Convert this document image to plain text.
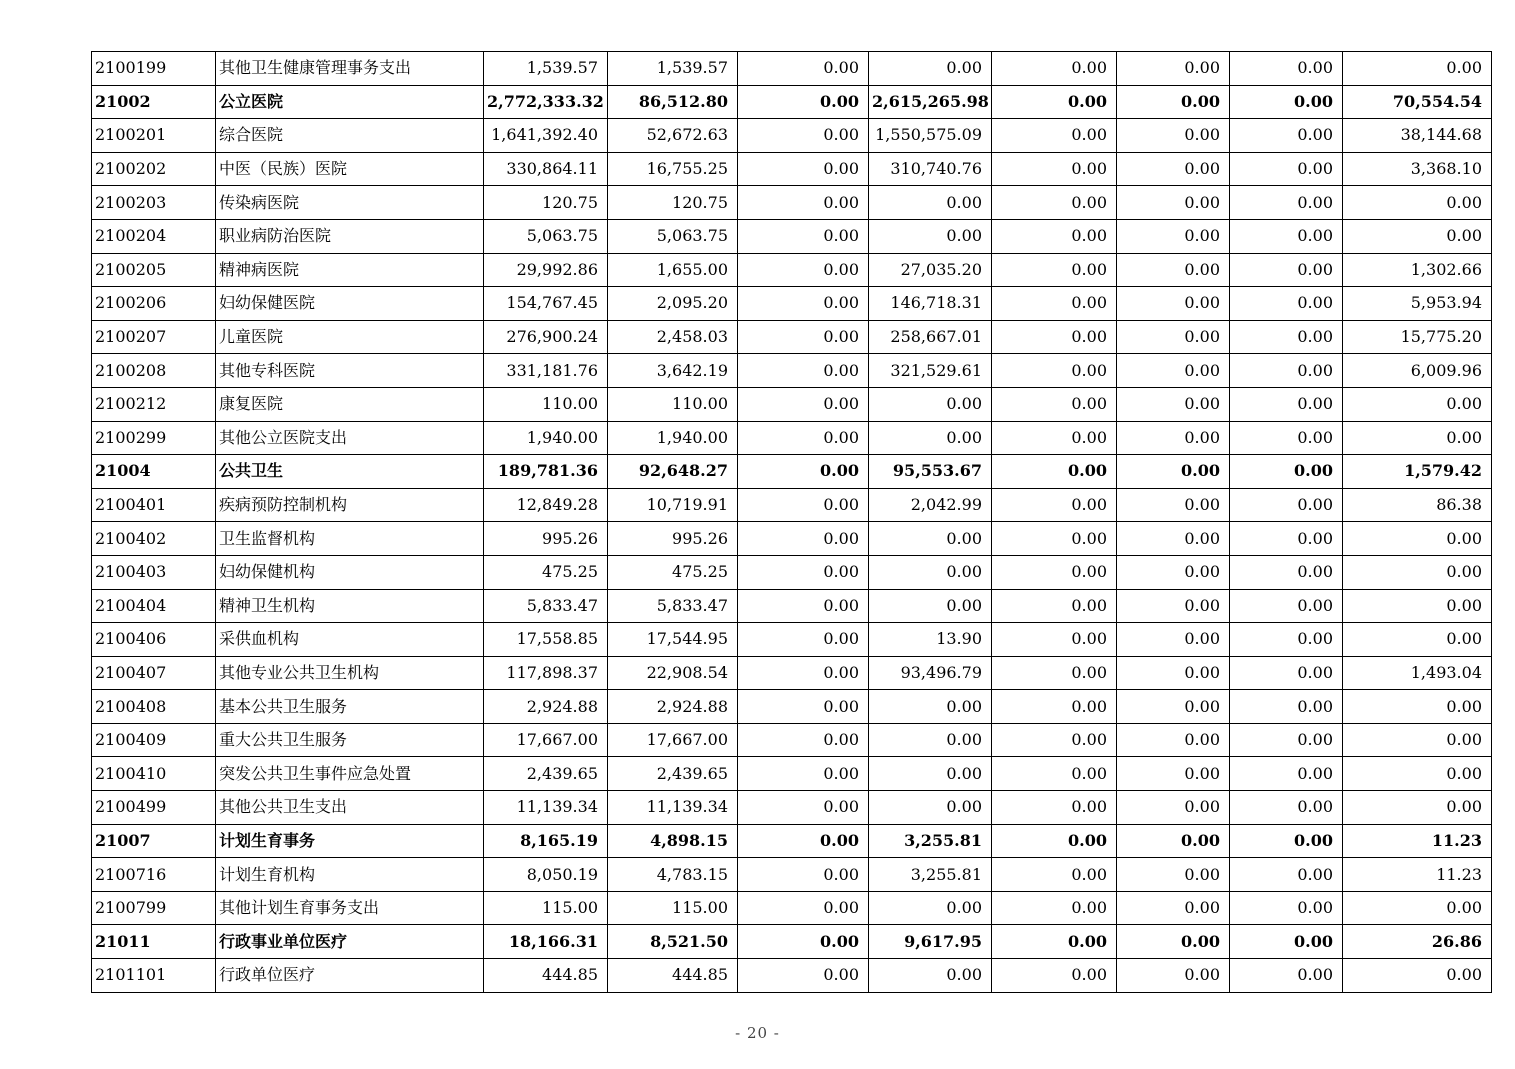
2100199	其他卫生健康管理事务支出	1,539.57	1,539.57	0.00	0.00	0.00	0.00	0.00	0.00
21002	公立医院	2,772,333.32	86,512.80	0.00	2,615,265.98	0.00	0.00	0.00	70,554.54
2100201	综合医院	1,641,392.40	52,672.63	0.00	1,550,575.09	0.00	0.00	0.00	38,144.68
2100202	中医（民族）医院	330,864.11	16,755.25	0.00	310,740.76	0.00	0.00	0.00	3,368.10
2100203	传染病医院	120.75	120.75	0.00	0.00	0.00	0.00	0.00	0.00
2100204	职业病防治医院	5,063.75	5,063.75	0.00	0.00	0.00	0.00	0.00	0.00
2100205	精神病医院	29,992.86	1,655.00	0.00	27,035.20	0.00	0.00	0.00	1,302.66
2100206	妇幼保健医院	154,767.45	2,095.20	0.00	146,718.31	0.00	0.00	0.00	5,953.94
2100207	儿童医院	276,900.24	2,458.03	0.00	258,667.01	0.00	0.00	0.00	15,775.20
2100208	其他专科医院	331,181.76	3,642.19	0.00	321,529.61	0.00	0.00	0.00	6,009.96
2100212	康复医院	110.00	110.00	0.00	0.00	0.00	0.00	0.00	0.00
2100299	其他公立医院支出	1,940.00	1,940.00	0.00	0.00	0.00	0.00	0.00	0.00
21004	公共卫生	189,781.36	92,648.27	0.00	95,553.67	0.00	0.00	0.00	1,579.42
2100401	疾病预防控制机构	12,849.28	10,719.91	0.00	2,042.99	0.00	0.00	0.00	86.38
2100402	卫生监督机构	995.26	995.26	0.00	0.00	0.00	0.00	0.00	0.00
2100403	妇幼保健机构	475.25	475.25	0.00	0.00	0.00	0.00	0.00	0.00
2100404	精神卫生机构	5,833.47	5,833.47	0.00	0.00	0.00	0.00	0.00	0.00
2100406	采供血机构	17,558.85	17,544.95	0.00	13.90	0.00	0.00	0.00	0.00
2100407	其他专业公共卫生机构	117,898.37	22,908.54	0.00	93,496.79	0.00	0.00	0.00	1,493.04
2100408	基本公共卫生服务	2,924.88	2,924.88	0.00	0.00	0.00	0.00	0.00	0.00
2100409	重大公共卫生服务	17,667.00	17,667.00	0.00	0.00	0.00	0.00	0.00	0.00
2100410	突发公共卫生事件应急处置	2,439.65	2,439.65	0.00	0.00	0.00	0.00	0.00	0.00
2100499	其他公共卫生支出	11,139.34	11,139.34	0.00	0.00	0.00	0.00	0.00	0.00
21007	计划生育事务	8,165.19	4,898.15	0.00	3,255.81	0.00	0.00	0.00	11.23
2100716	计划生育机构	8,050.19	4,783.15	0.00	3,255.81	0.00	0.00	0.00	11.23
2100799	其他计划生育事务支出	115.00	115.00	0.00	0.00	0.00	0.00	0.00	0.00
21011	行政事业单位医疗	18,166.31	8,521.50	0.00	9,617.95	0.00	0.00	0.00	26.86
2101101	行政单位医疗	444.85	444.85	0.00	0.00	0.00	0.00	0.00	0.00
- 20 -
